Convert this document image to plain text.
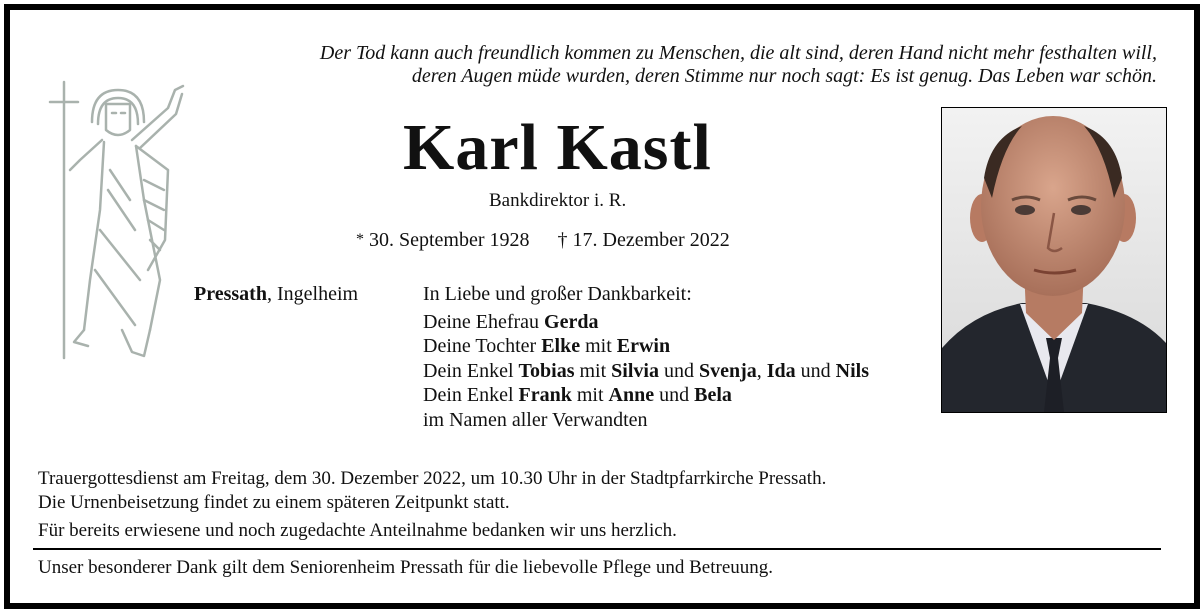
Der Tod kann auch freundlich kommen zu Menschen, die alt sind, deren Hand nicht mehr festhalten will,
deren Augen müde wurden, deren Stimme nur noch sagt: Es ist genug. Das Leben war schön.
Karl Kastl
Bankdirektor i. R.
* 30. September 1928 † 17. Dezember 2022
Pressath, Ingelheim	In Liebe und großer Dankbarkeit:
Deine Ehefrau Gerda
Deine Tochter Elke mit Erwin
Dein Enkel Tobias mit Silvia und Svenja, Ida und Nils
Dein Enkel Frank mit Anne und Bela
im Namen aller Verwandten
Trauergottesdienst am Freitag, dem 30. Dezember 2022, um 10.30 Uhr in der Stadtpfarrkirche Pressath.
Die Urnenbeisetzung findet zu einem späteren Zeitpunkt statt.
Für bereits erwiesene und noch zugedachte Anteilnahme bedanken wir uns herzlich.
Unser besonderer Dank gilt dem Seniorenheim Pressath für die liebevolle Pflege und Betreuung.
